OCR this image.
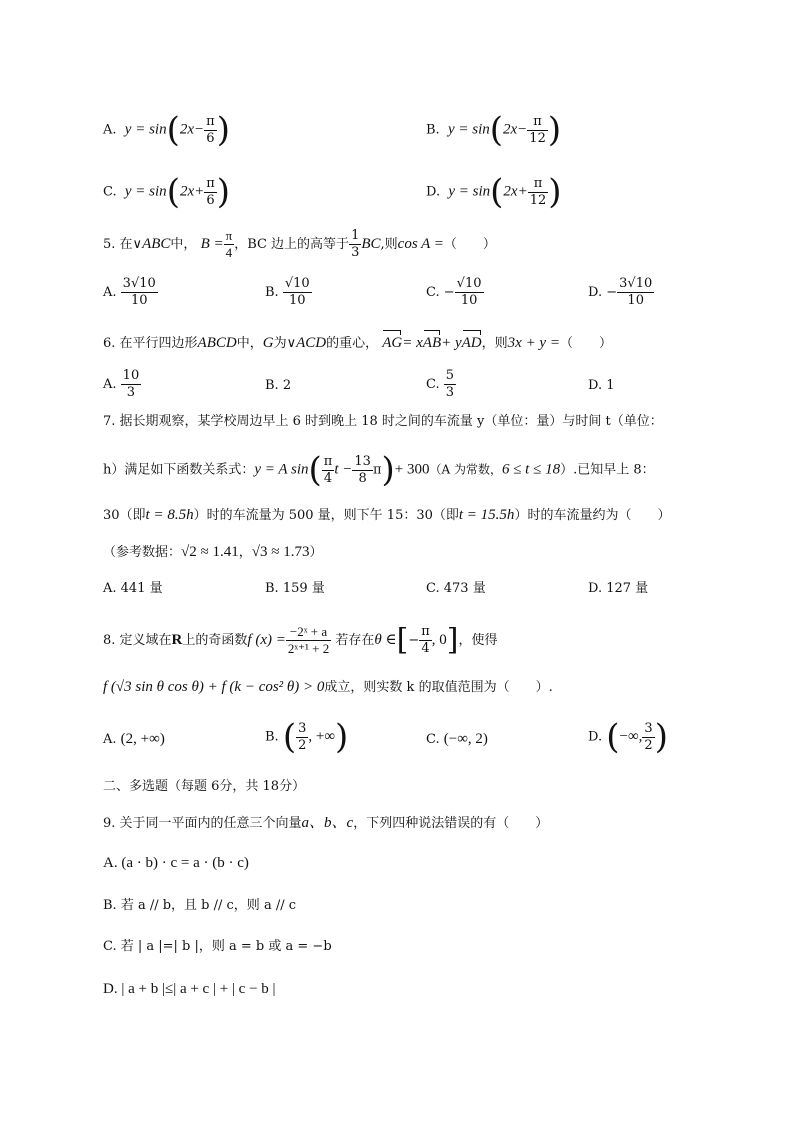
A. $y = \sin(2x- \frac{\pi}{6}$ )	B. $y = \sin(2x- \frac{\pi}{12}$ )
C. $y = \sin(2x+ \frac{\pi}{6}$ )	D. $y = \sin(2x+ \frac{\pi}{12}$ )
5. 在∨ABC中， $B = \frac{\pi}{4}$ ，BC 边上的高等于 $\frac{1}{3}$ BC,则cos A =（　　）
A. $\frac{3√10}{10}$	B. $\frac{√10}{10}$	C. − $\frac{√10}{10}$	D. − $\frac{3√10}{10}$
6. 在平行四边形ABCD中，G为∨ACD的重心， AG= xAB+ yAD，则3x + y =（　　）
A. $\frac{10}{3}$	B. 2	C. $\frac{5}{3}$	D. 1
7. 据长期观察，某学校周边早上 6 时到晚上 18 时之间的车流量 y（单位：量）与时间 t（单位：
h）满足如下函数关系式：y = A $\sin( \frac{\pi}{4}$ $t - \frac{13}{8} \pi)+ 300(A$ 为常数，6 ≤ t ≤ 18）.已知早上 8：
30（即t = 8.5h）时的车流量为 500 量，则下午 15：30（即t = 15.5h）时的车流量约为（　　）
（参考数据：√2 ≈ 1.41，√3 ≈ 1.73）
A. 441 量	B. 159 量	C. 473 量	D. 127 量
8. 定义域在R上的奇函数f $(x) = \frac{\text{−2ˣ + a}}{\text{2ˣ⁺¹ + 2}}$ 若存在θ ∈[− $\frac{\pi}{4}$ , 0]，使得
f (√3 sin θ cos θ) + f (k − cos² θ) > 0成立，则实数 k 的取值范围为（　　）.
A. (2, +∞)	B. ( $\frac{3}{2}$ , +∞)	C. (−∞, 2)	D. (−∞, $\frac{3}{2}$ )
二、多选题（每题 6分，共 18分）
9. 关于同一平面内的任意三个向量a、b、c，下列四种说法错误的有（　　）
A. (a · b) · c = a · (b · c)
B. 若 a // b，且 b // c，则 a // c
C. 若 | a |=| b |，则 a = b 或 a = −b
D. | a + b |≤| a + c | + | c − b |
